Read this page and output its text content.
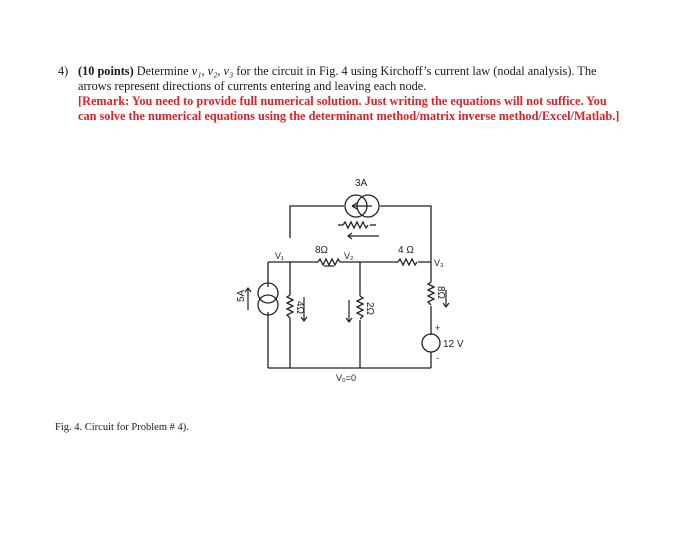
4) (10 points) Determine v₁, v₂, v₃ for the circuit in Fig. 4 using Kirchoff’s current law (nodal analysis). The
arrows represent directions of currents entering and leaving each node.
[Remark: You need to provide full numerical solution. Just writing the equations will not suffice. You
can solve the numerical equations using the determinant method/matrix inverse method/Excel/Matlab.]
3A
8Ω	4 Ω
V₁	V₂
V₃
5A
4Ω	2Ω
8Ω
12 V
+
-
V₀=0
Fig. 4. Circuit for Problem # 4).
